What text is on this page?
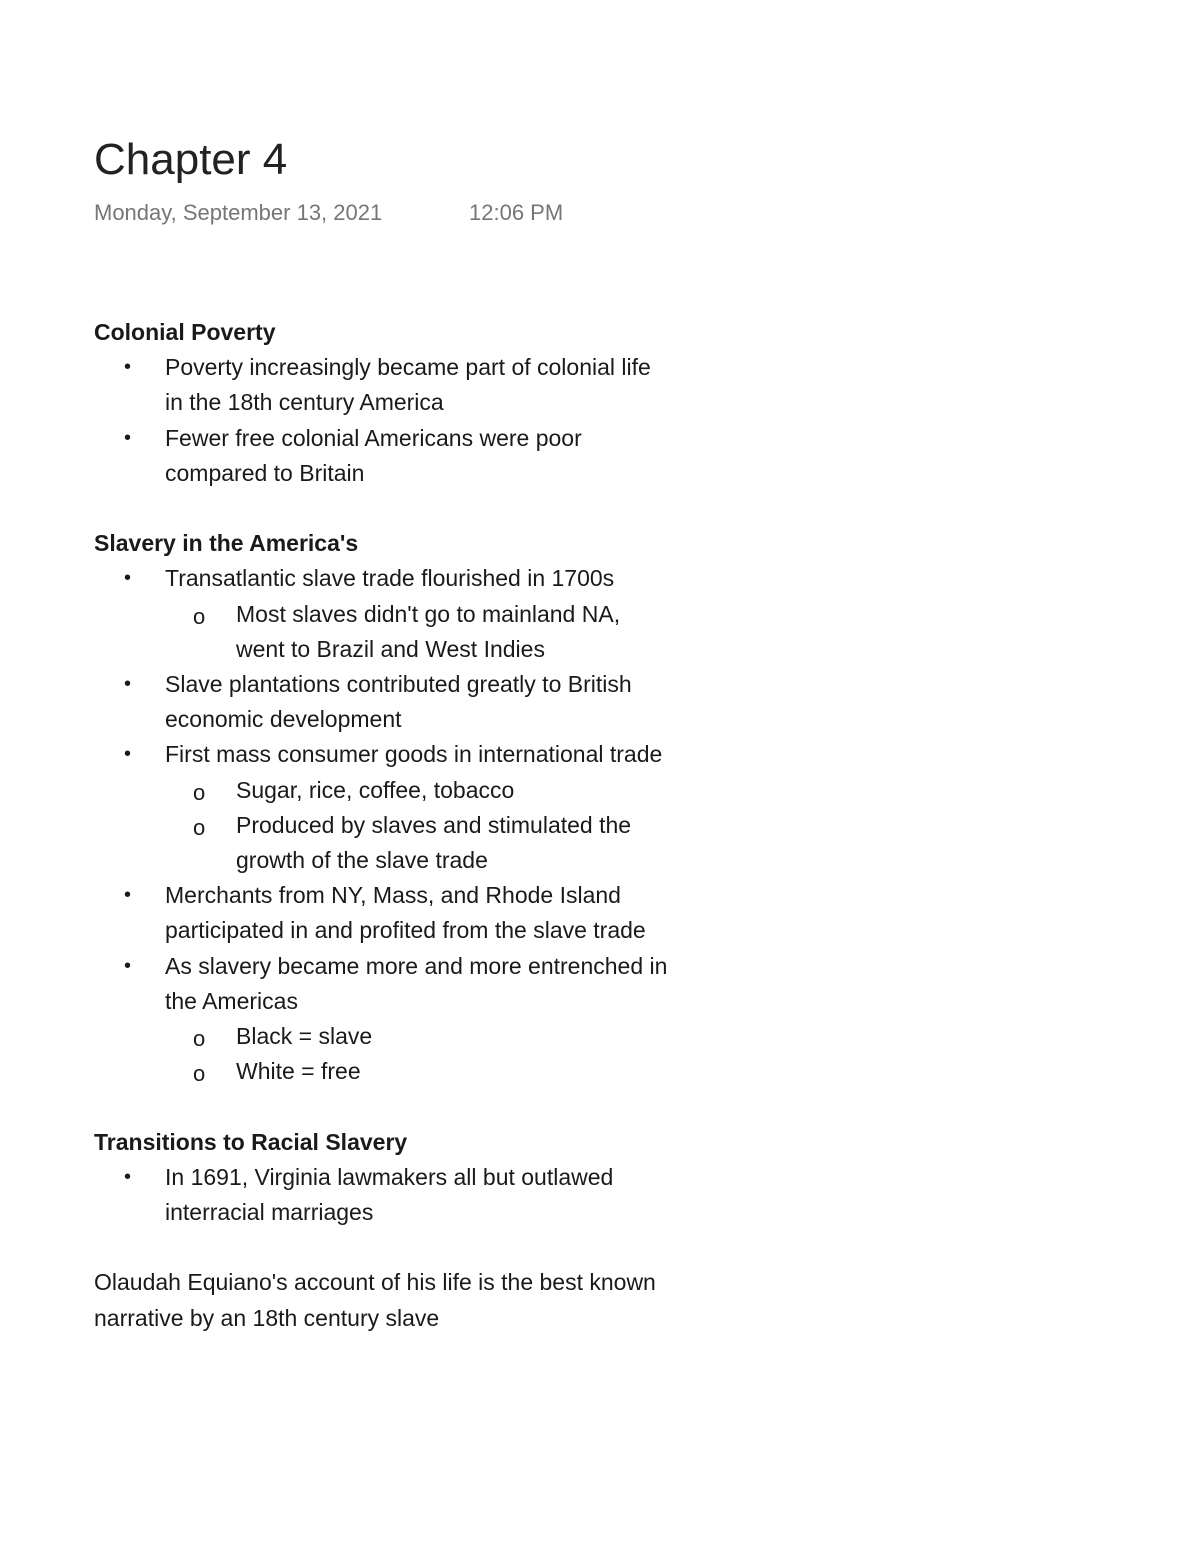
Chapter 4
Monday, September 13, 2021	12:06 PM

Colonial Poverty

• Poverty increasingly became part of colonial life in the 18th century America
• Fewer free colonial Americans were poor compared to Britain

Slavery in the America's

• Transatlantic slave trade flourished in 1700s
o Most slaves didn't go to mainland NA, went to Brazil and West Indies
• Slave plantations contributed greatly to British economic development
• First mass consumer goods in international trade
o Sugar, rice, coffee, tobacco
o Produced by slaves and stimulated the growth of the slave trade
• Merchants from NY, Mass, and Rhode Island participated in and profited from the slave trade
• As slavery became more and more entrenched in the Americas
o Black = slave
o White = free

Transitions to Racial Slavery

• In 1691, Virginia lawmakers all but outlawed interracial marriages

Olaudah Equiano's account of his life is the best known narrative by an 18th century slave
